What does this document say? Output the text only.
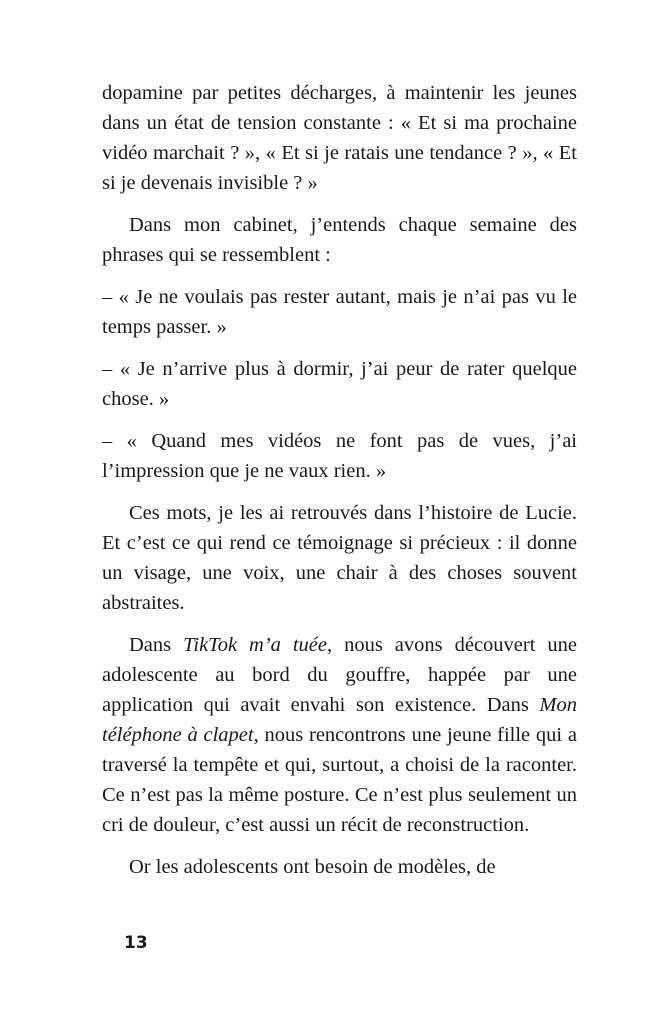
dopamine par petites décharges, à maintenir les jeunes dans un état de tension constante : « Et si ma prochaine vidéo marchait ? », « Et si je ratais une tendance ? », « Et si je devenais invisible ? »

Dans mon cabinet, j’entends chaque semaine des phrases qui se ressemblent :

– « Je ne voulais pas rester autant, mais je n’ai pas vu le temps passer. »

– « Je n’arrive plus à dormir, j’ai peur de rater quelque chose. »

– « Quand mes vidéos ne font pas de vues, j’ai l’impression que je ne vaux rien. »

Ces mots, je les ai retrouvés dans l’histoire de Lucie. Et c’est ce qui rend ce témoignage si précieux : il donne un visage, une voix, une chair à des choses souvent abstraites.

Dans TikTok m’a tuée, nous avons découvert une adolescente au bord du gouffre, happée par une application qui avait envahi son existence. Dans Mon téléphone à clapet, nous rencontrons une jeune fille qui a traversé la tempête et qui, surtout, a choisi de la raconter. Ce n’est pas la même posture. Ce n’est plus seulement un cri de douleur, c’est aussi un récit de reconstruction.

Or les adolescents ont besoin de modèles, de

13
